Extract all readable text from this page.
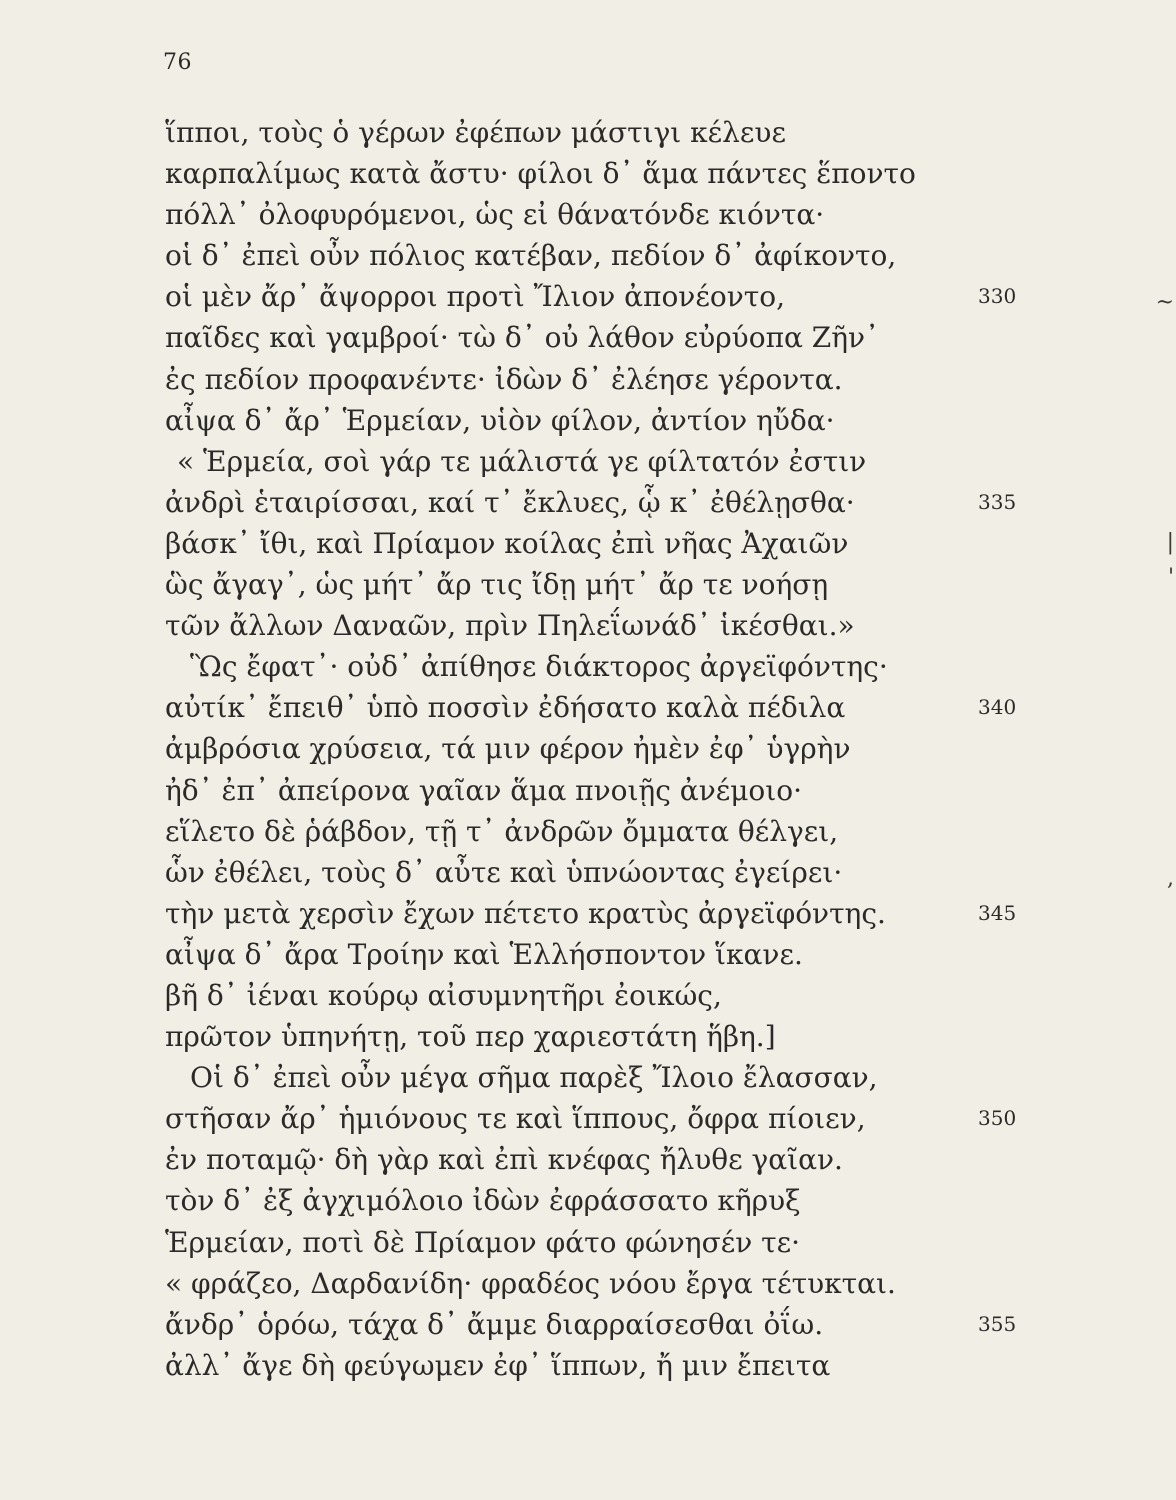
76
ἵπποι, τοὺς ὁ γέρων ἐφέπων μάστιγι κέλευε
καρπαλίμως κατὰ ἄστυ· φίλοι δ᾿ ἅμα πάντες ἕποντο
πόλλ᾿ ὀλοφυρόμενοι, ὡς εἰ θάνατόνδε κιόντα·
οἱ δ᾿ ἐπεὶ οὖν πόλιος κατέβαν, πεδίον δ᾿ ἀφίκοντο,
οἱ μὲν ἄρ᾿ ἄψορροι προτὶ Ἴλιον ἀπονέοντο,	330
παῖδες καὶ γαμβροί· τὼ δ᾿ οὐ λάθον εὐρύοπα Ζῆν᾿
ἐς πεδίον προφανέντε· ἰδὼν δ᾿ ἐλέησε γέροντα.
αἶψα δ᾿ ἄρ᾿ Ἑρμείαν, υἱὸν φίλον, ἀντίον ηὔδα·
« Ἑρμεία, σοὶ γάρ τε μάλιστά γε φίλτατόν ἐστιν
ἀνδρὶ ἑταιρίσσαι, καί τ᾿ ἔκλυες, ᾧ κ᾿ ἐθέλῃσθα·	335
βάσκ᾿ ἴθι, καὶ Πρίαμον κοίλας ἐπὶ νῆας Ἀχαιῶν
ὣς ἄγαγ᾿, ὡς μήτ᾿ ἄρ τις ἴδῃ μήτ᾿ ἄρ τε νοήσῃ
τῶν ἄλλων Δαναῶν, πρὶν Πηλεΐωνάδ᾿ ἱκέσθαι.»
Ὣς ἔφατ᾿· οὐδ᾿ ἀπίθησε διάκτορος ἀργεϊφόντης·
αὐτίκ᾿ ἔπειθ᾿ ὑπὸ ποσσὶν ἐδήσατο καλὰ πέδιλα	340
ἀμβρόσια χρύσεια, τά μιν φέρον ἠμὲν ἐφ᾿ ὑγρὴν
ἠδ᾿ ἐπ᾿ ἀπείρονα γαῖαν ἅμα πνοιῇς ἀνέμοιο·
εἵλετο δὲ ῥάβδον, τῇ τ᾿ ἀνδρῶν ὄμματα θέλγει,
ὧν ἐθέλει, τοὺς δ᾿ αὖτε καὶ ὑπνώοντας ἐγείρει·
τὴν μετὰ χερσὶν ἔχων πέτετο κρατὺς ἀργεϊφόντης.	345
αἶψα δ᾿ ἄρα Τροίην καὶ Ἑλλήσποντον ἵκανε.
βῆ δ᾿ ἰέναι κούρῳ αἰσυμνητῆρι ἐοικώς,
πρῶτον ὑπηνήτῃ, τοῦ περ χαριεστάτη ἥβη.]
Οἱ δ᾿ ἐπεὶ οὖν μέγα σῆμα παρὲξ Ἴλοιο ἔλασσαν,
στῆσαν ἄρ᾿ ἡμιόνους τε καὶ ἵππους, ὄφρα πίοιεν,	350
ἐν ποταμῷ· δὴ γὰρ καὶ ἐπὶ κνέφας ἤλυθε γαῖαν.
τὸν δ᾿ ἐξ ἀγχιμόλοιο ἰδὼν ἐφράσσατο κῆρυξ
Ἑρμείαν, ποτὶ δὲ Πρίαμον φάτο φώνησέν τε·
« φράζεο, Δαρδανίδη· φραδέος νόου ἔργα τέτυκται.
ἄνδρ᾿ ὁρόω, τάχα δ᾿ ἄμμε διαρραίσεσθαι ὀΐω.	355
ἀλλ᾿ ἄγε δὴ φεύγωμεν ἐφ᾿ ἵππων, ἤ μιν ἔπειτα
~
|
'
,
